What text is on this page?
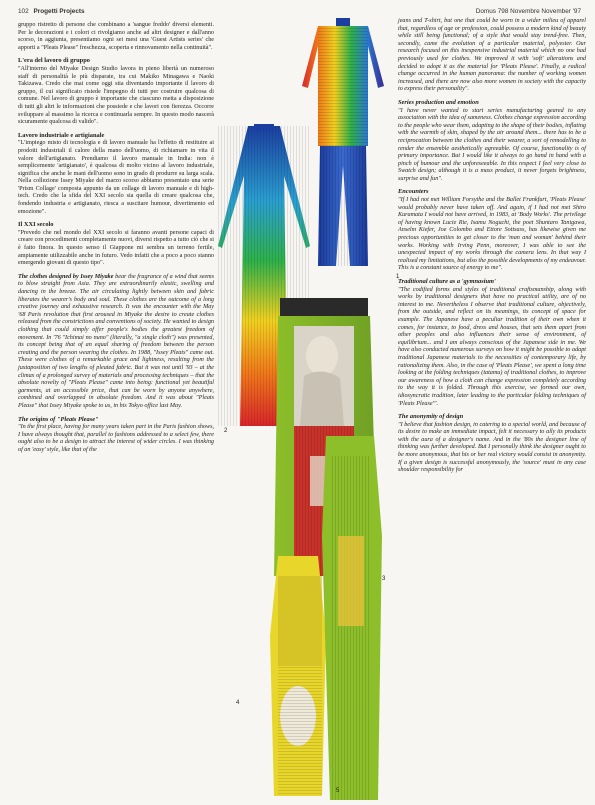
102 Progetti Projects	Domus 798 Novembre November '97

gruppo ristretto di persone che combinano a 'sangue freddo' diversi elementi. Per le decorazioni e i colori ci rivolgiamo anche ad altri designer e dall'anno scorso, in aggiunta, presentiamo ogni sei mesi una 'Guest Artists series' che apporti a "Pleats Please" freschezza, scoperta e rinnovamento nella continuità".

L'era del lavoro di gruppo

"All'interno del Miyake Design Studio lavora in pieno libertà un numeroso staff di personalità le più disparate, tra cui Makiko Minagawa e Naoki Takizawa. Credo che mai come oggi stia diventando importante il lavoro di gruppo, il cui significato risiede l'impegno di tutti per costruire qualcosa di comune. Nel lavoro di gruppo è importante che ciascuno metta a disposizione di tutti gli altri le informazioni che possiede e che lavori con fierezza. Occorre sviluppare al massimo la ricerca e continuarla sempre. In questo modo nascerà sicuramente qualcosa di valido".

Lavoro industriale e artigianale

"L'impiego misto di tecnologia e di lavoro manuale ha l'effetto di restituire ai prodotti industriali il calore della mano dell'uomo, di richiamare in vita il valore dell'artigianato. Prendiamo il lavoro manuale in India: non è semplicemente 'artigianato', è qualcosa di molto vicino al lavoro industriale, significa che anche le mani dell'uomo sono in grado di produrre su larga scala. Nella collezione Issey Miyake del marzo scorso abbiamo presentato una serie 'Prism Collage' composta appunto da un collage di lavoro manuale e di high-tech. Credo che la sfida del XXI secolo sia quella di creare qualcosa che, fondendo industria e artigianato, riesca a suscitare humour, divertimento ed emozione".

Il XXI secolo

"Prevedo che nel mondo del XXI secolo si faranno avanti persone capaci di creare con procedimenti completamente nuovi, diversi rispetto a tutto ciò che si è fatto finora. In questo senso il Giappone mi sembra un terreno fertile, ampiamente utilizzabile anche in futuro. Vedo infatti che a poco a poco stanno emergendo giovani di questo tipo".

The clothes designed by Issey Miyake bear the fragrance of a wind that seems to blow straight from Asia. They are extraordinarily elastic, swelling and dancing in the breeze. The air circulating lightly between skin and fabric liberates the wearer's body and soul. These clothes are the outcome of a long creative journey and exhaustive research. It was the encounter with the May '68 Paris revolution that first aroused in Miyake the desire to create clothes released from the constrictions and conventions of society. He wanted to design clothing that could simply offer people's bodies the greatest freedom of movement. In '76 "Ichimai no nuno" (literally, "a single cloth") was presented, its concept being that of an equal sharing of freedom between the person creating and the person wearing the clothes. In 1988, "Issey Pleats" came out. These were clothes of a remarkable grace and lightness, resulting from the juxtaposition of two lengths of pleated fabric. But it was not until '93 – at the climax of a prolonged survey of materials and processing techniques – that the absolute novelty of "Pleats Please" came into being: functional yet beautiful garments, at an accessible price, that can be worn by anyone anywhere, combined and overlapped in absolute freedom. And it was about "Pleats Please" that Issey Miyake spoke to us, in his Tokyo office last May.

The origins of "Pleats Please"

"In the first place, having for many years taken part in the Paris fashion shows, I have always thought that, parallel to fashions addressed to a select few, there ought also to be a design to attract the interest of wider circles. I was thinking of an 'easy' style, like that of the

1
2
3
4
5

jeans and T-shirt, but one that could be worn in a wider milieu of apparel that, regardless of age or profession, could possess a modern kind of beauty while still being functional; of a style that would stay trend-free. Then, secondly, came the evolution of a particular material, polyester. Our research focused on this inexpensive industrial material which no one had previously used for clothes. We improved it with 'soft' alterations and decided to adopt it as the material for 'Pleats Please'. Finally, a radical change occurred in the human panorama: the number of working women increased, and there are now also more women in society with the capacity to express their personality".

Series production and emotion

"I have never wanted to start series manufacturing geared to any association with the idea of sameness. Clothes change expression according to the people who wear them, adapting to the shape of their bodies, inflating with the warmth of skin, shaped by the air around them... there has to be a reciprocation between the clothes and their wearer, a sort of remodelling to render the ensemble aesthetically agreeable. Of course, functionality is of primary importance. But I would like it always to go hand in hand with a pinch of humour and the unforeseeable. In this respect I feel very close to Swatch design; although it is a mass product, it never forgets brightness, surprise and fun".

Encounters

"If I had not met William Forsythe and the Ballet Frankfurt, 'Pleats Please' would probably never have taken off. And again, if I had not met Shiro Kuramata I would not have arrived, in 1983, at 'Body Works'. The privilege of having known Lucie Rie, Isamu Noguchi, the poet Shuntaro Tanigawa, Anselm Kiefer, Joe Colombo and Ettore Sottsass, has likewise given me precious opportunities to get closer to the 'man and woman' behind their works. Working with Irving Penn, moreover, I was able to see the unexpected impact of my works through the camera lens. In that way I realised my limitations, but also the possible developments of my endeavour. This is a constant source of energy to me".

Traditional culture as a 'gymnasium'

"The codified forms and styles of traditional craftsmanship, along with works by traditional designers that have no practical utility, are of no interest to me. Nevertheless I observe that traditional culture, objectively, from the outside, and reflect on its meanings, its concept of space for example. The Japanese have a peculiar tradition of their own when it comes, for instance, to food, dress and houses, that sets them apart from other peoples and also influences their sense of environment, of equilibrium... and I am always conscious of the Japanese side in me. We have also conducted numerous surveys on how it might be possible to adapt traditional Japanese materials to the necessities of contemporary life, by rationalizing them. Also, in the case of 'Pleats Please', we spent a long time looking at the folding techniques (tatamu) of traditional clothes, to improve our awareness of how a cloth can change expression completely according to the way it is folded. Through this exercise, we formed our own, idiosyncratic tradition, later leading to the particular folding techniques of 'Pleats Please'".

The anonymity of design

"I believe that fashion design, in catering to a special world, and because of its desire to make an immediate impact, felt it necessary to ally its products with the aura of a designer's name. And in the '80s the designer line of thinking was further developed. But I personally think the designer ought to be more anonymous, that his or her real victory would consist in anonymity. If a given design is successful anonymously, the 'source' must in any case shoulder responsibility for
